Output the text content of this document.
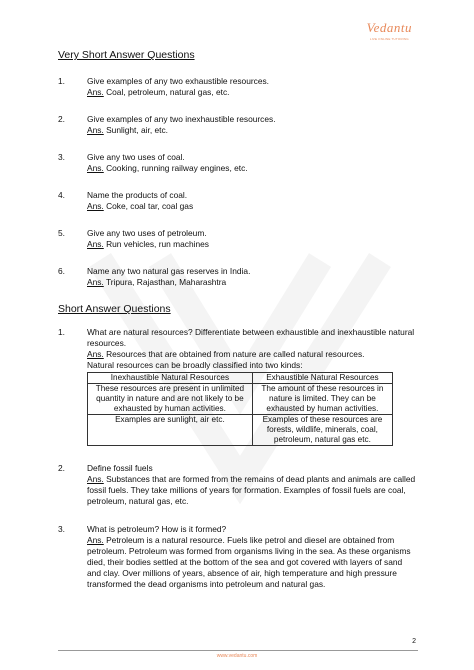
Vedantu
LIVE ONLINE TUTORING
Very Short Answer Questions
1.	Give examples of any two exhaustible resources.
Ans. Coal, petroleum, natural gas, etc.
2.	Give examples of any two inexhaustible resources.
Ans. Sunlight, air, etc.
3.	Give any two uses of coal.
Ans. Cooking, running railway engines, etc.
4.	Name the products of coal.
Ans. Coke, coal tar, coal gas
5.	Give any two uses of petroleum.
Ans. Run vehicles, run machines
6.	Name any two natural gas reserves in India.
Ans. Tripura, Rajasthan, Maharashtra
Short Answer Questions
1.	What are natural resources? Differentiate between exhaustible and inexhaustible natural resources.
Ans. Resources that are obtained from nature are called natural resources.
Natural resources can be broadly classified into two kinds:
Inexhaustible Natural Resources	Exhaustible Natural Resources
These resources are present in unlimited quantity in nature and are not likely to be exhausted by human activities.	The amount of these resources in nature is limited. They can be exhausted by human activities.
Examples are sunlight, air etc.	Examples of these resources are forests, wildlife, minerals, coal, petroleum, natural gas etc.
2.	Define fossil fuels
Ans. Substances that are formed from the remains of dead plants and animals are called fossil fuels. They take millions of years for formation. Examples of fossil fuels are coal, petroleum, natural gas, etc.
3.	What is petroleum? How is it formed?
Ans. Petroleum is a natural resource. Fuels like petrol and diesel are obtained from petroleum. Petroleum was formed from organisms living in the sea. As these organisms died, their bodies settled at the bottom of the sea and got covered with layers of sand and clay. Over millions of years, absence of air, high temperature and high pressure transformed the dead organisms into petroleum and natural gas.
2
www.vedantu.com
